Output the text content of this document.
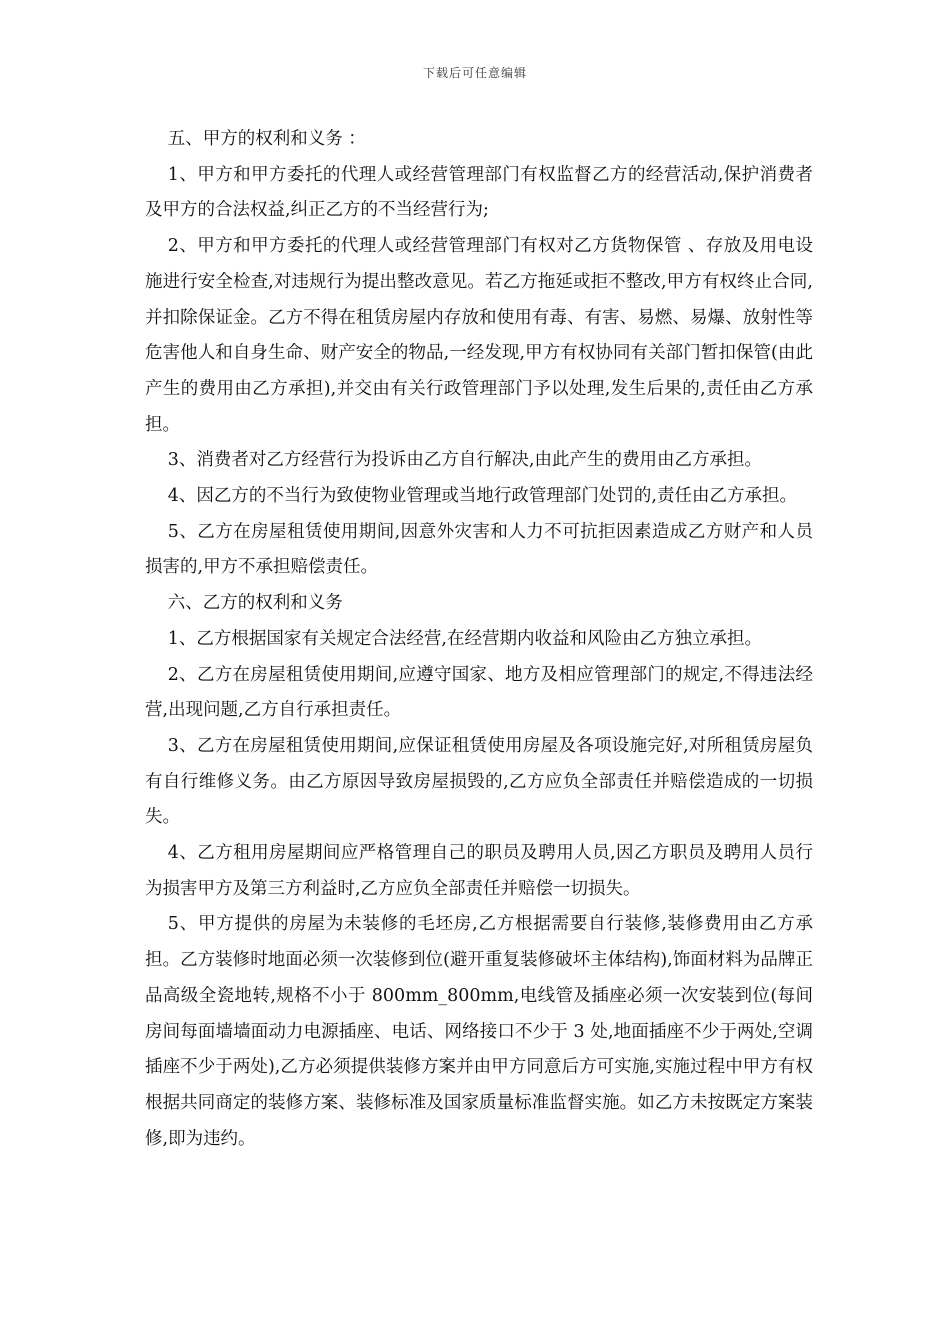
下载后可任意编辑

五、甲方的权利和义务 ：

1、甲方和甲方委托的代理人或经营管理部门有权监督乙方的经营活动,保护消费者及甲方的合法权益,纠正乙方的不当经营行为;

2、甲方和甲方委托的代理人或经营管理部门有权对乙方货物保管 、存放及用电设施进行安全检查,对违规行为提出整改意见。若乙方拖延或拒不整改,甲方有权终止合同,并扣除保证金。乙方不得在租赁房屋内存放和使用有毒、有害、易燃、易爆、放射性等危害他人和自身生命、财产安全的物品,一经发现,甲方有权协同有关部门暂扣保管(由此产生的费用由乙方承担),并交由有关行政管理部门予以处理,发生后果的,责任由乙方承担。

3、消费者对乙方经营行为投诉由乙方自行解决,由此产生的费用由乙方承担。

4、因乙方的不当行为致使物业管理或当地行政管理部门处罚的,责任由乙方承担。

5、乙方在房屋租赁使用期间,因意外灾害和人力不可抗拒因素造成乙方财产和人员损害的,甲方不承担赔偿责任。

六、乙方的权利和义务

1、乙方根据国家有关规定合法经营,在经营期内收益和风险由乙方独立承担。

2、乙方在房屋租赁使用期间,应遵守国家、地方及相应管理部门的规定,不得违法经营,出现问题,乙方自行承担责任。

3、乙方在房屋租赁使用期间,应保证租赁使用房屋及各项设施完好,对所租赁房屋负有自行维修义务。由乙方原因导致房屋损毁的,乙方应负全部责任并赔偿造成的一切损失。

4、乙方租用房屋期间应严格管理自己的职员及聘用人员,因乙方职员及聘用人员行为损害甲方及第三方利益时,乙方应负全部责任并赔偿一切损失。

5、甲方提供的房屋为未装修的毛坯房,乙方根据需要自行装修,装修费用由乙方承担。乙方装修时地面必须一次装修到位(避开重复装修破坏主体结构),饰面材料为品牌正品高级全瓷地转,规格不小于 800mm_800mm,电线管及插座必须一次安装到位(每间房间每面墙墙面动力电源插座、电话、网络接口不少于 3 处,地面插座不少于两处,空调插座不少于两处),乙方必须提供装修方案并由甲方同意后方可实施,实施过程中甲方有权根据共同商定的装修方案、装修标准及国家质量标准监督实施。如乙方未按既定方案装修,即为违约。
